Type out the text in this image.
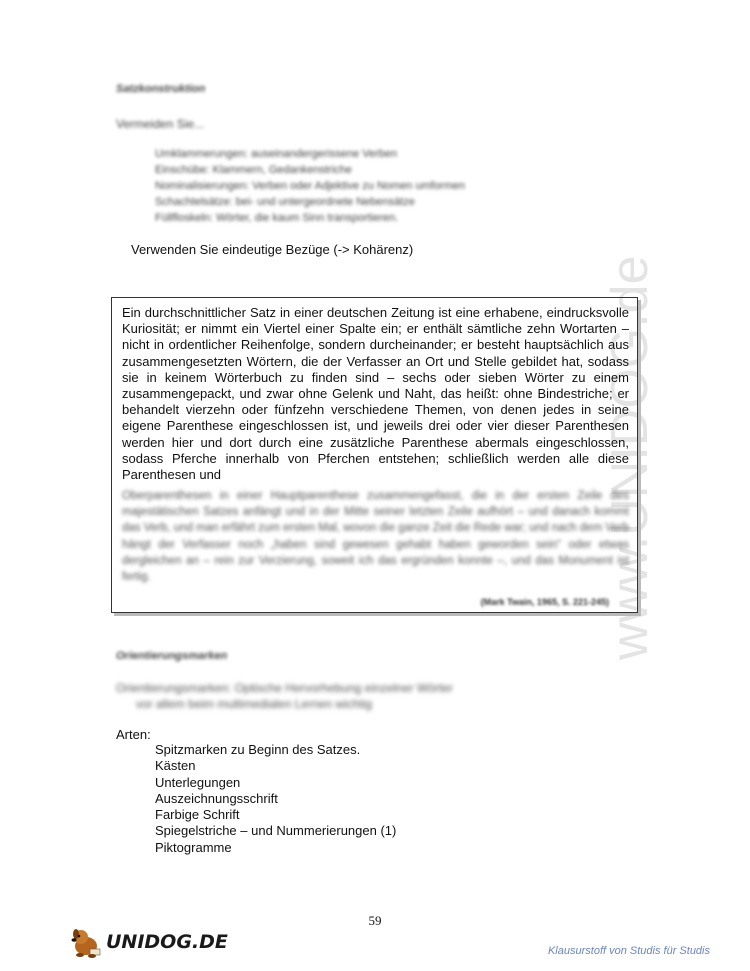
www.UNIDOG.de
Satzkonstruktion
Vermeiden Sie...
Umklammerungen: auseinandergerissene Verben
Einschübe: Klammern, Gedankenstriche
Nominalisierungen: Verben oder Adjektive zu Nomen umformen
Schachtelsätze: bei- und untergeordnete Nebensätze
Füllfloskeln: Wörter, die kaum Sinn transportieren.
Verwenden Sie eindeutige Bezüge (-> Kohärenz)
Ein durchschnittlicher Satz in einer deutschen Zeitung ist eine erhabene, eindrucksvolle Kuriosität; er nimmt ein Viertel einer Spalte ein; er enthält sämtliche zehn Wortarten – nicht in ordentlicher Reihenfolge, sondern durcheinander; er besteht hauptsächlich aus zusammengesetzten Wörtern, die der Verfasser an Ort und Stelle gebildet hat, sodass sie in keinem Wörterbuch zu finden sind – sechs oder sieben Wörter zu einem zusammengepackt, und zwar ohne Gelenk und Naht, das heißt: ohne Bindestriche; er behandelt vierzehn oder fünfzehn verschiedene Themen, von denen jedes in seine eigene Parenthese eingeschlossen ist, und jeweils drei oder vier dieser Parenthesen werden hier und dort durch eine zusätzliche Parenthese abermals eingeschlossen, sodass Pferche innerhalb von Pferchen entstehen; schließlich werden alle diese Parenthesen und
Oberparenthesen in einer Hauptparenthese zusammengefasst, die in der ersten Zeile des majestätischen Satzes anfängt und in der Mitte seiner letzten Zeile aufhört – und danach kommt das Verb, und man erfährt zum ersten Mal, wovon die ganze Zeit die Rede war; und nach dem Verb hängt der Verfasser noch „haben sind gewesen gehabt haben geworden sein“ oder etwas dergleichen an – rein zur Verzierung, soweit ich das ergründen konnte –, und das Monument ist fertig.
(Mark Twain, 1965, S. 221-245)
Orientierungsmarken
Orientierungsmarken: Optische Hervorhebung einzelner Wörter
vor allem beim multimedialen Lernen wichtig
Arten:
Spitzmarken zu Beginn des Satzes.
Kästen
Unterlegungen
Auszeichnungsschrift
Farbige Schrift
Spiegelstriche – und Nummerierungen (1)
Piktogramme
59
UNIDOG.DE	Klausurstoff von Studis für Studis
